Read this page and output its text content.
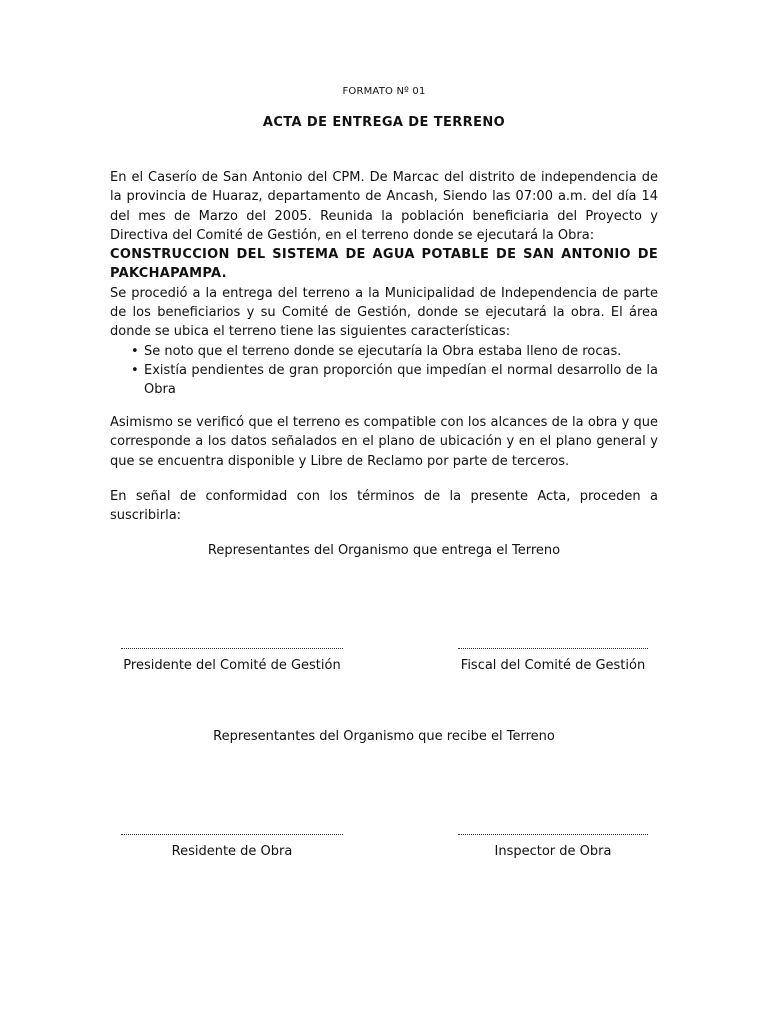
FORMATO Nº 01
ACTA DE ENTREGA DE TERRENO
En el Caserío de San Antonio del CPM. De Marcac del distrito de independencia de la provincia de Huaraz, departamento de Ancash, Siendo las 07:00 a.m. del día 14 del mes de Marzo del 2005. Reunida la población beneficiaria del Proyecto y Directiva del Comité de Gestión, en el terreno donde se ejecutará la Obra:
CONSTRUCCION DEL SISTEMA DE AGUA POTABLE DE SAN ANTONIO DE PAKCHAPAMPA.
Se procedió a la entrega del terreno a la Municipalidad de Independencia de parte de los beneficiarios y su Comité de Gestión, donde se ejecutará la obra. El área donde se ubica el terreno tiene las siguientes características:
• Se noto que el terreno donde se ejecutaría la Obra estaba lleno de rocas.
• Existía pendientes de gran proporción que impedían el normal desarrollo de la Obra
Asimismo se verificó que el terreno es compatible con los alcances de la obra y que corresponde a los datos señalados en el plano de ubicación y en el plano general y que se encuentra disponible y Libre de Reclamo por parte de terceros.
En señal de conformidad con los términos de la presente Acta, proceden a suscribirla:
Representantes del Organismo que entrega el Terreno
Presidente del Comité de Gestión	Fiscal del Comité de Gestión
Representantes del Organismo que recibe el Terreno
Residente de Obra	Inspector de Obra
